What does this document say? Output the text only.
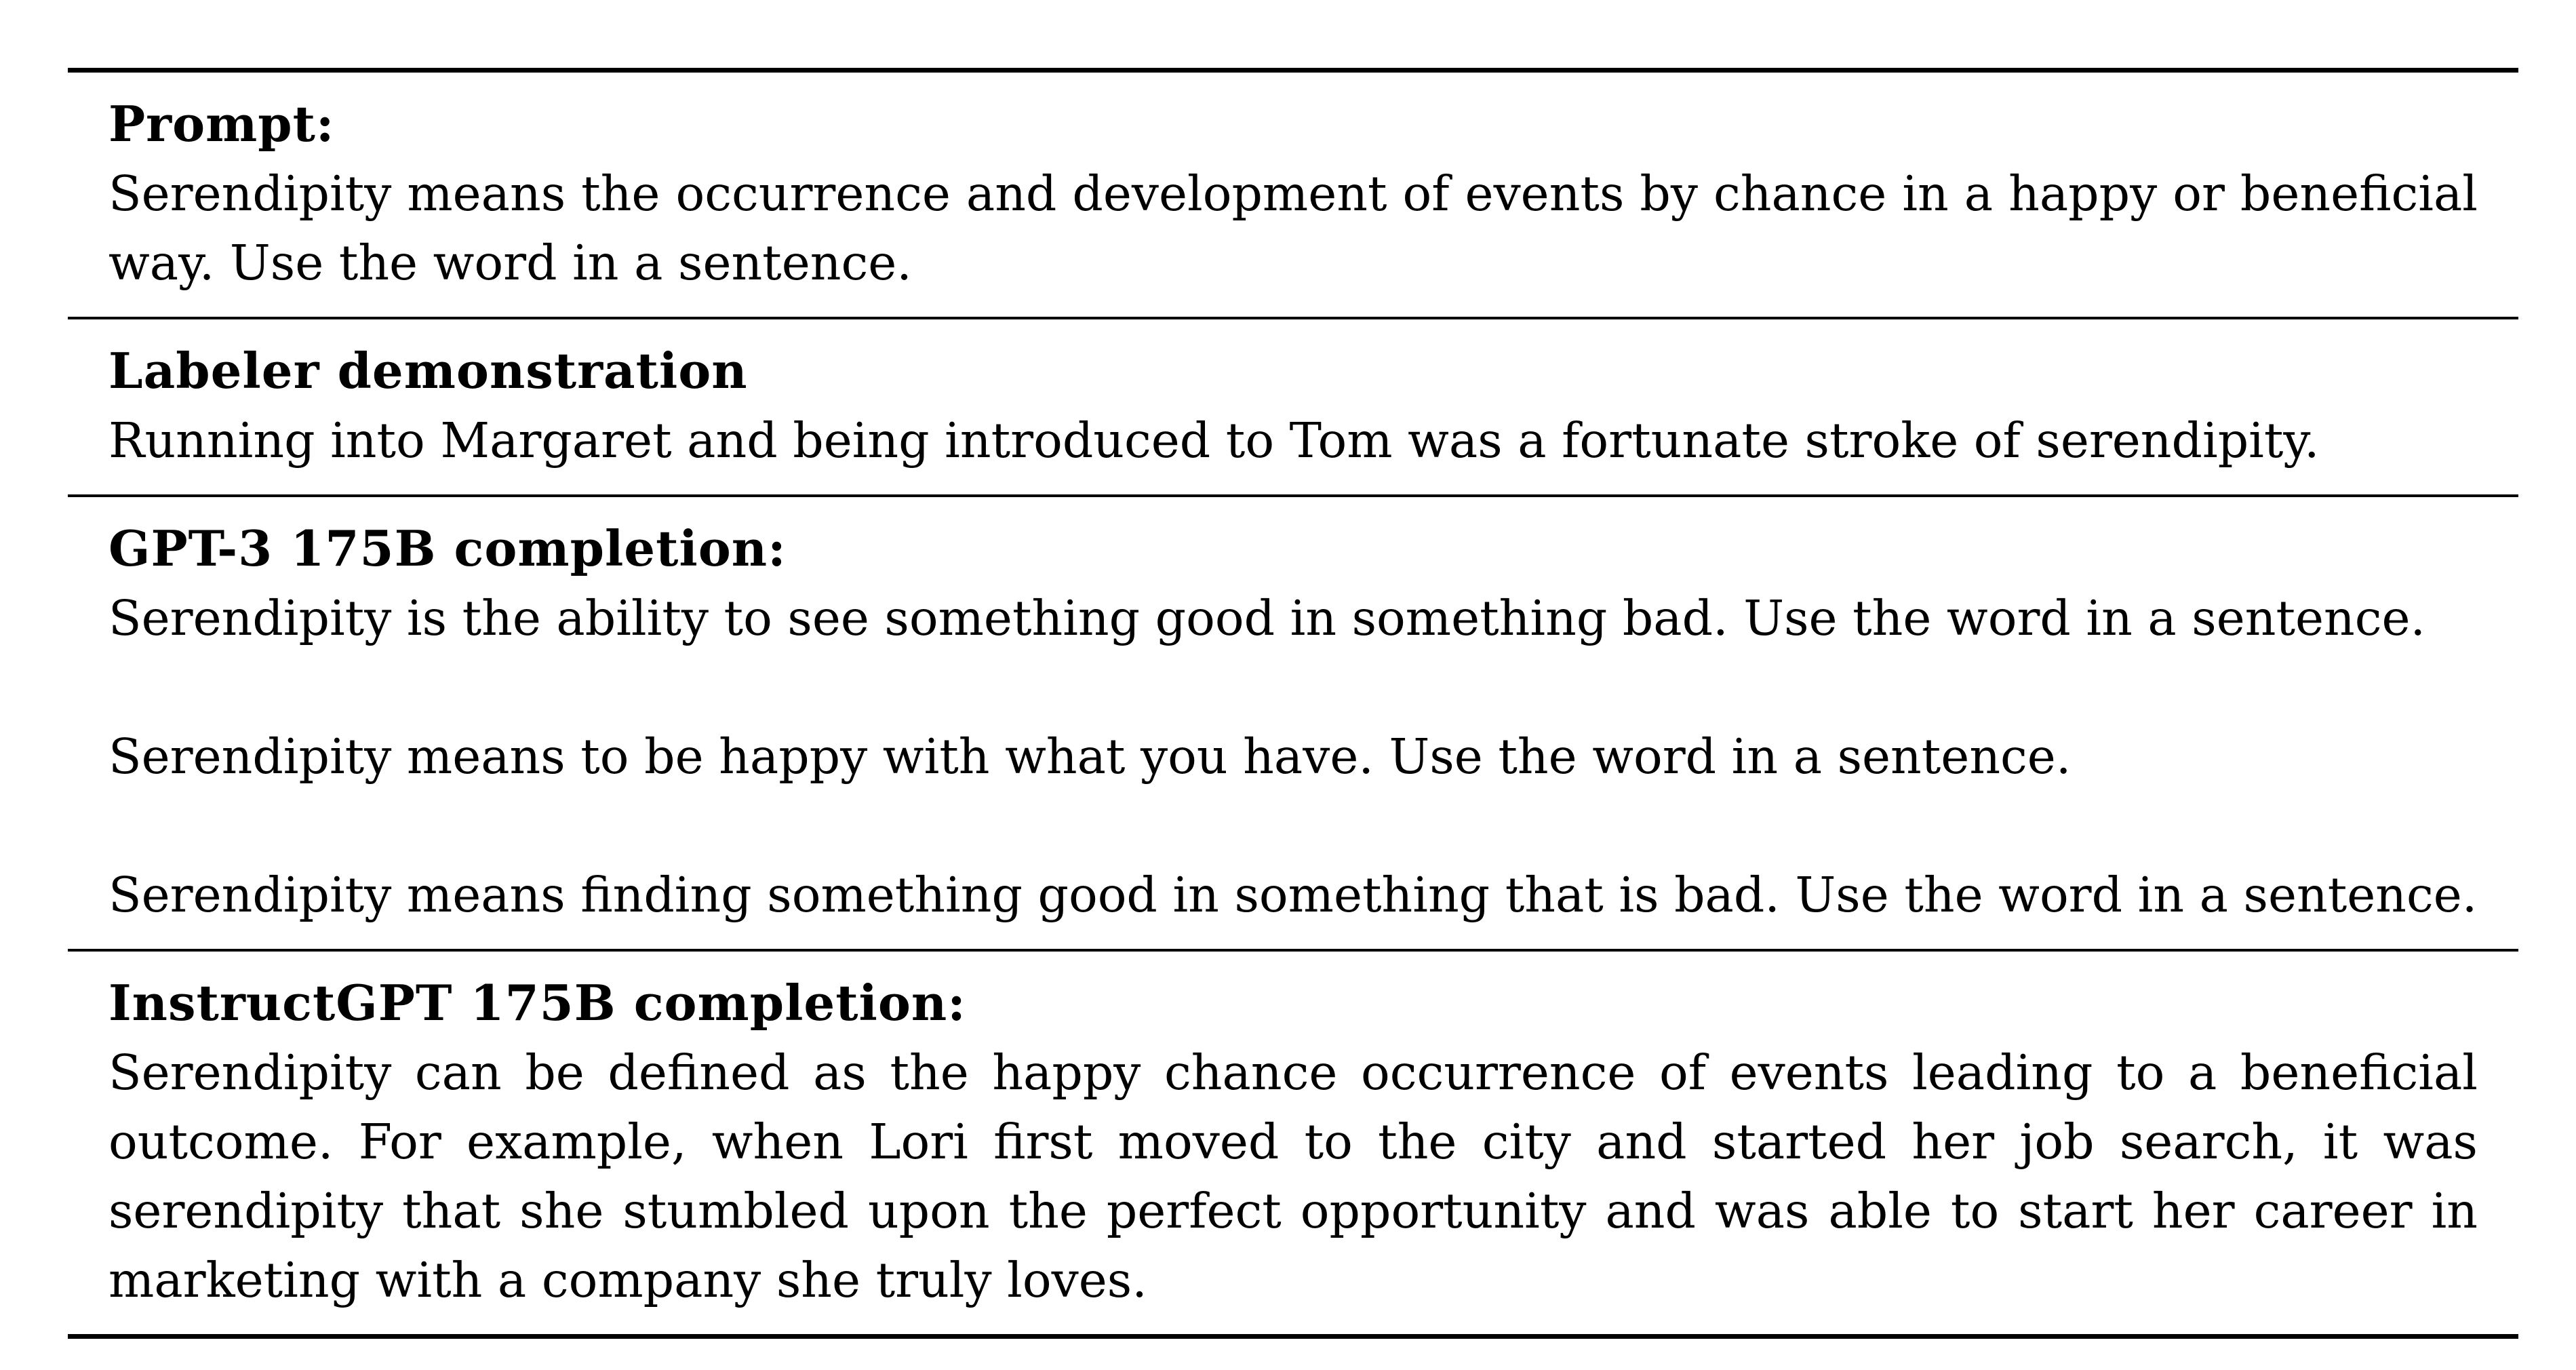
Prompt:
Serendipity means the occurrence and development of events by chance in a happy or beneficial way. Use the word in a sentence.
Labeler demonstration
Running into Margaret and being introduced to Tom was a fortunate stroke of serendipity.
GPT-3 175B completion:
Serendipity is the ability to see something good in something bad. Use the word in a sentence.
Serendipity means to be happy with what you have. Use the word in a sentence.
Serendipity means finding something good in something that is bad. Use the word in a sentence.
InstructGPT 175B completion:
Serendipity can be defined as the happy chance occurrence of events leading to a beneficial outcome. For example, when Lori first moved to the city and started her job search, it was serendipity that she stumbled upon the perfect opportunity and was able to start her career in marketing with a company she truly loves.
